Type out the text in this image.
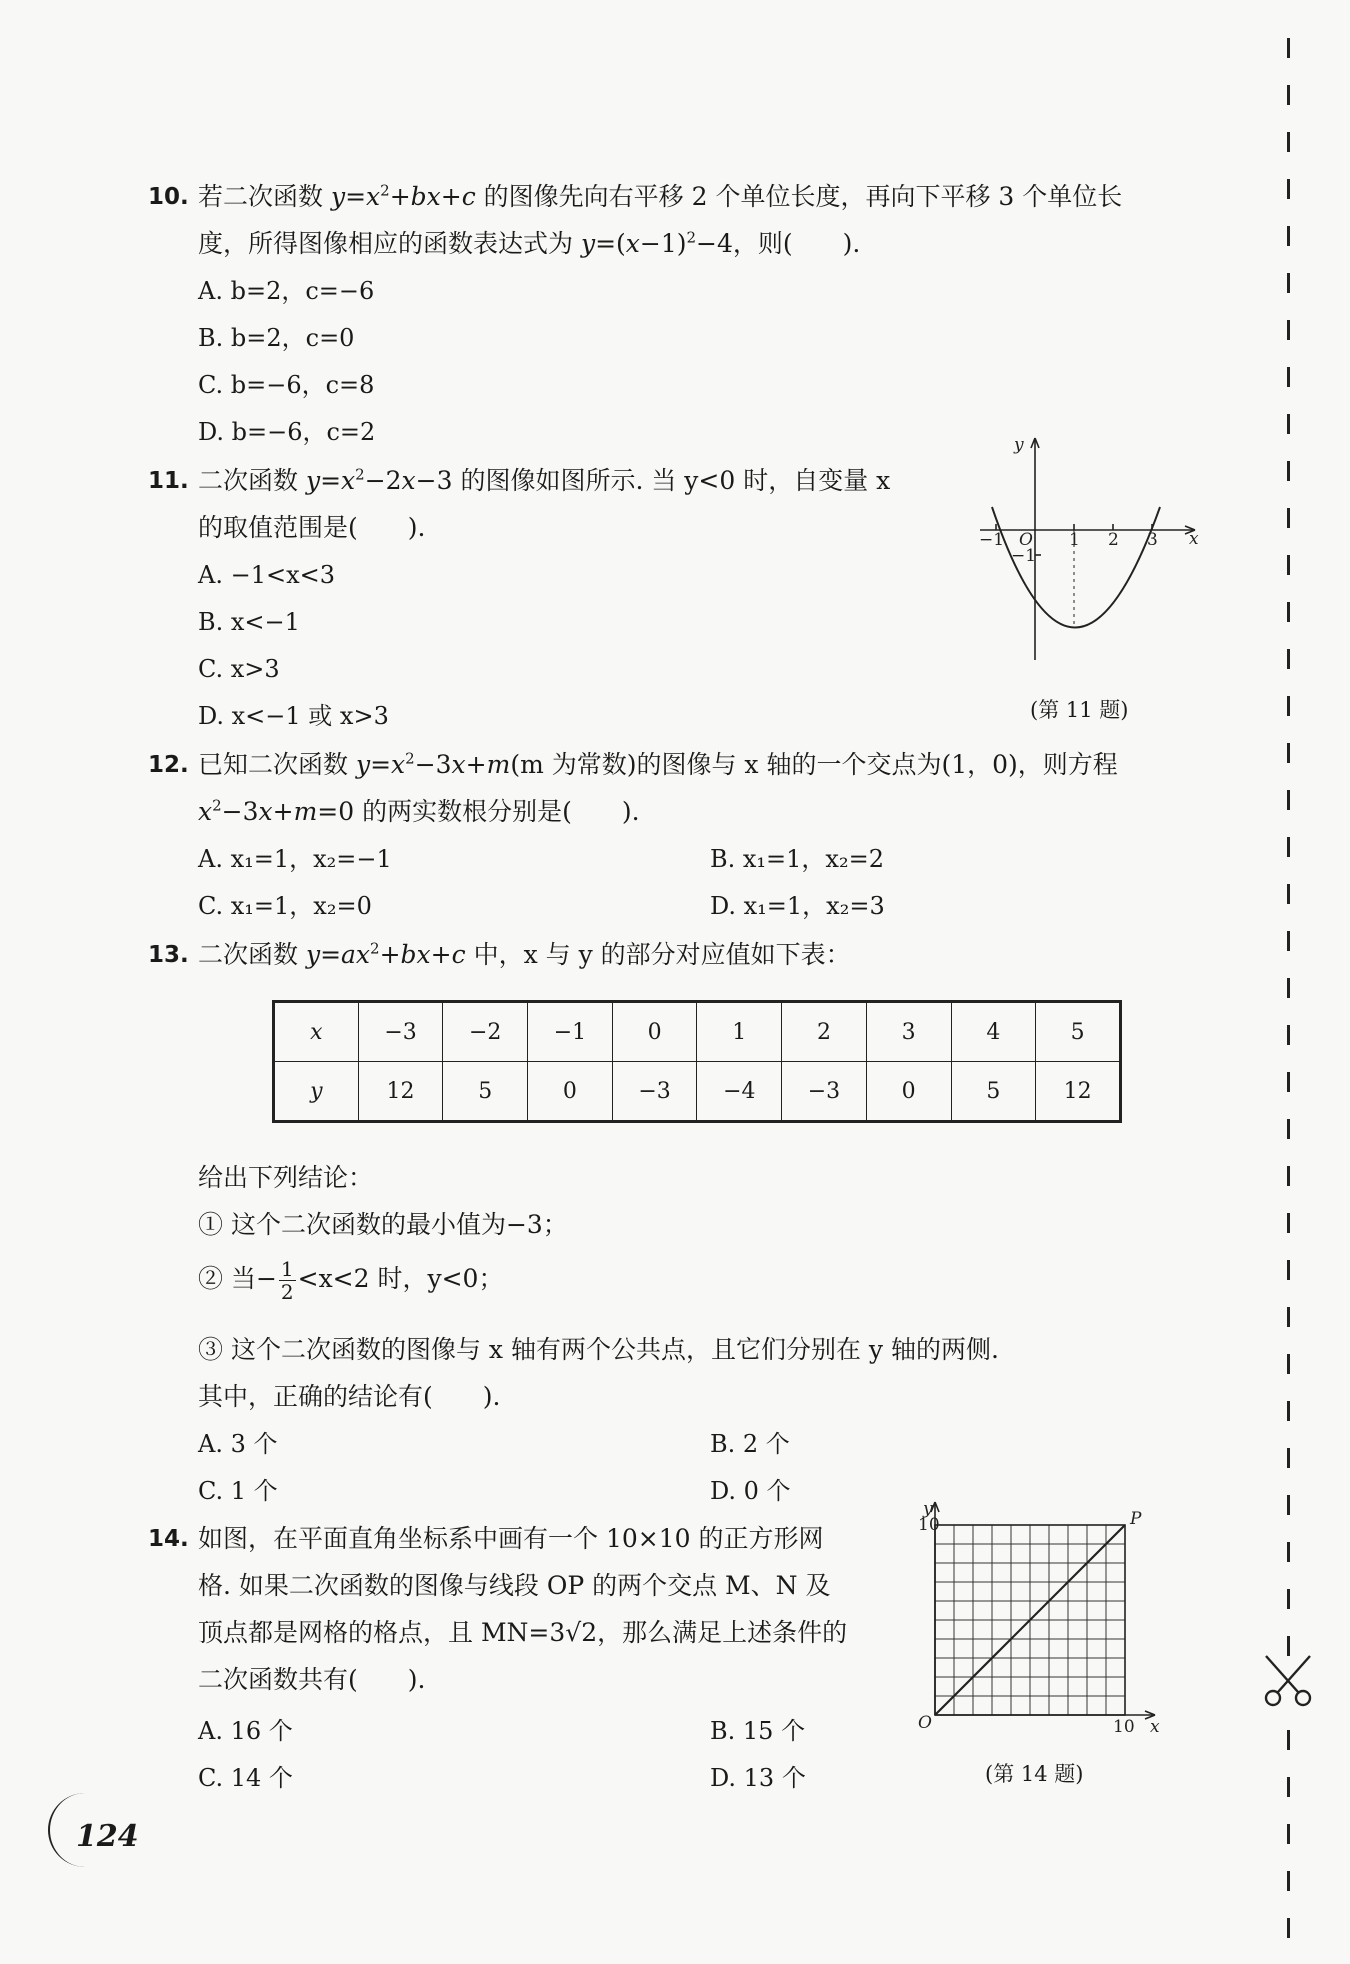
10. 若二次函数 $y=x^2+bx+c$ 的图像先向右平移 2 个单位长度，再向下平移 3 个单位长
度，所得图像相应的函数表达式为 $y=(x-1)^2-4$，则(　　).
A. b=2，c=−6
B. b=2，c=0
C. b=−6，c=8
D. b=−6，c=2
11. 二次函数 $y=x^2-2x-3$ 的图像如图所示. 当 y<0 时，自变量 x
的取值范围是(　　).
A. −1<x<3
B. x<−1
C. x>3
D. x<−1 或 x>3
y
x
O
−1	1 2 3
−1
(第 11 题)
12. 已知二次函数 $y=x^2-3x+m(m$ 为常数)的图像与 x 轴的一个交点为(1，0)，则方程
$x^2-3x+m=0$ 的两实数根分别是(　　).
A. x₁=1，x₂=−1	B. x₁=1，x₂=2
C. x₁=1，x₂=0	D. x₁=1，x₂=3
13. 二次函数 $y=ax^2+bx+c$ 中，x 与 y 的部分对应值如下表：
x	−3	−2	−1	0	1	2	3	4	5
y	12	5	0	−3	−4	−3	0	5	12
给出下列结论：
① 这个二次函数的最小值为−3；
② 当− $\frac{1}{2} <x<2$ 时，y<0；
③ 这个二次函数的图像与 x 轴有两个公共点，且它们分别在 y 轴的两侧.
其中，正确的结论有(　　).
A. 3 个	B. 2 个
C. 1 个	D. 0 个
14. 如图，在平面直角坐标系中画有一个 10×10 的正方形网
格. 如果二次函数的图像与线段 OP 的两个交点 M、N 及
顶点都是网格的格点，且 MN=3√2，那么满足上述条件的
二次函数共有(　　).
A. 16 个	B. 15 个
C. 14 个	D. 13 个
y
10	P
O	10 x
(第 14 题)
124
